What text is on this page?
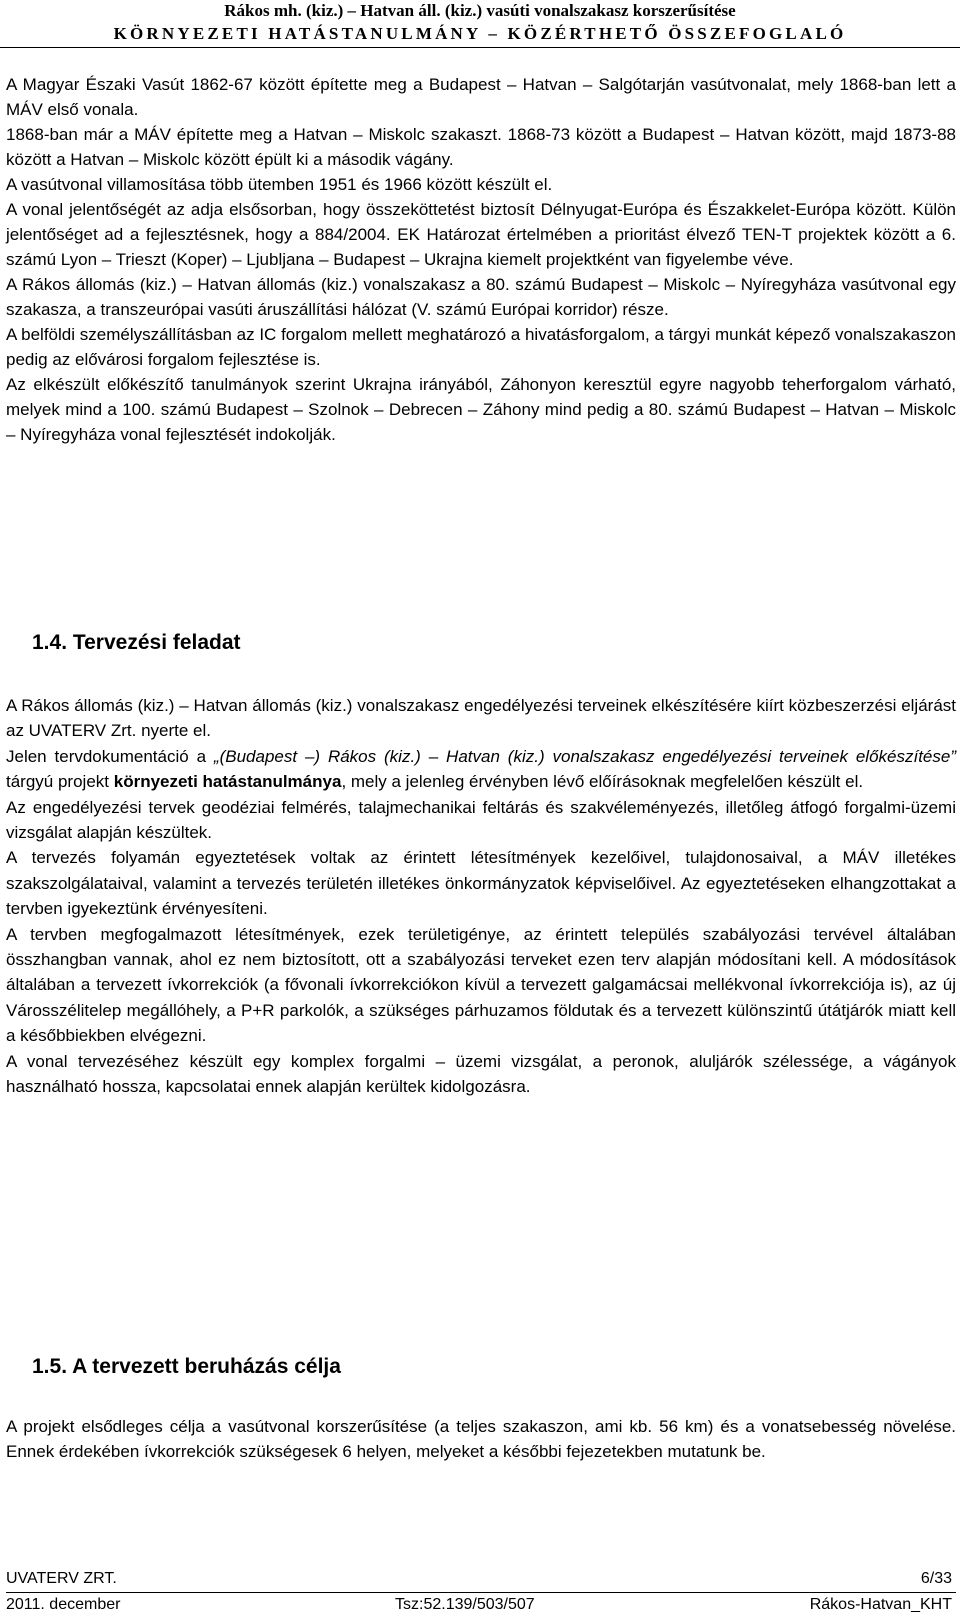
Rákos mh. (kiz.) – Hatvan áll. (kiz.) vasúti vonalszakasz korszerűsítése
KÖRNYEZETI HATÁSTANULMÁNY – KÖZÉRTHETŐ ÖSSZEFOGLALÓ

A Magyar Északi Vasút 1862-67 között építette meg a Budapest – Hatvan – Salgótarján vasútvonalat, mely 1868-ban lett a MÁV első vonala.

1868-ban már a MÁV építette meg a Hatvan – Miskolc szakaszt. 1868-73 között a Budapest – Hatvan között, majd 1873-88 között a Hatvan – Miskolc között épült ki a második vágány.

A vasútvonal villamosítása több ütemben 1951 és 1966 között készült el.

A vonal jelentőségét az adja elsősorban, hogy összeköttetést biztosít Délnyugat-Európa és Északkelet-Európa között. Külön jelentőséget ad a fejlesztésnek, hogy a 884/2004. EK Határozat értelmében a prioritást élvező TEN-T projektek között a 6. számú Lyon – Trieszt (Koper) – Ljubljana – Budapest – Ukrajna kiemelt projektként van figyelembe véve.

A Rákos állomás (kiz.) – Hatvan állomás (kiz.) vonalszakasz a 80. számú Budapest – Miskolc – Nyíregyháza vasútvonal egy szakasza, a transzeurópai vasúti áruszállítási hálózat (V. számú Európai korridor) része.

A belföldi személyszállításban az IC forgalom mellett meghatározó a hivatásforgalom, a tárgyi munkát képező vonalszakaszon pedig az elővárosi forgalom fejlesztése is.

Az elkészült előkészítő tanulmányok szerint Ukrajna irányából, Záhonyon keresztül egyre nagyobb teherforgalom várható, melyek mind a 100. számú Budapest – Szolnok – Debrecen – Záhony mind pedig a 80. számú Budapest – Hatvan – Miskolc – Nyíregyháza vonal fejlesztését indokolják.

1.4. Tervezési feladat

A Rákos állomás (kiz.) – Hatvan állomás (kiz.) vonalszakasz engedélyezési terveinek elkészítésére kiírt közbeszerzési eljárást az UVATERV Zrt. nyerte el.

Jelen tervdokumentáció a „(Budapest –) Rákos (kiz.) – Hatvan (kiz.) vonalszakasz engedélyezési terveinek előkészítése” tárgyú projekt környezeti hatástanulmánya, mely a jelenleg érvényben lévő előírásoknak megfelelően készült el.

Az engedélyezési tervek geodéziai felmérés, talajmechanikai feltárás és szakvéleményezés, illetőleg átfogó forgalmi-üzemi vizsgálat alapján készültek.

A tervezés folyamán egyeztetések voltak az érintett létesítmények kezelőivel, tulajdonosaival, a MÁV illetékes szakszolgálataival, valamint a tervezés területén illetékes önkormányzatok képviselőivel. Az egyeztetéseken elhangzottakat a tervben igyekeztünk érvényesíteni.

A tervben megfogalmazott létesítmények, ezek területigénye, az érintett település szabályozási tervével általában összhangban vannak, ahol ez nem biztosított, ott a szabályozási terveket ezen terv alapján módosítani kell. A módosítások általában a tervezett ívkorrekciók (a fővonali ívkorrekciókon kívül a tervezett galgamácsai mellékvonal ívkorrekciója is), az új Városszélitelep megállóhely, a P+R parkolók, a szükséges párhuzamos földutak és a tervezett különszintű útátjárók miatt kell a későbbiekben elvégezni.

A vonal tervezéséhez készült egy komplex forgalmi – üzemi vizsgálat, a peronok, aluljárók szélessége, a vágányok használható hossza, kapcsolatai ennek alapján kerültek kidolgozásra.

1.5. A tervezett beruházás célja

A projekt elsődleges célja a vasútvonal korszerűsítése (a teljes szakaszon, ami kb. 56 km) és a vonatsebesség növelése. Ennek érdekében ívkorrekciók szükségesek 6 helyen, melyeket a későbbi fejezetekben mutatunk be.

UVATERV ZRT.	6/33
2011. december	Tsz:52.139/503/507	Rákos-Hatvan_KHT
